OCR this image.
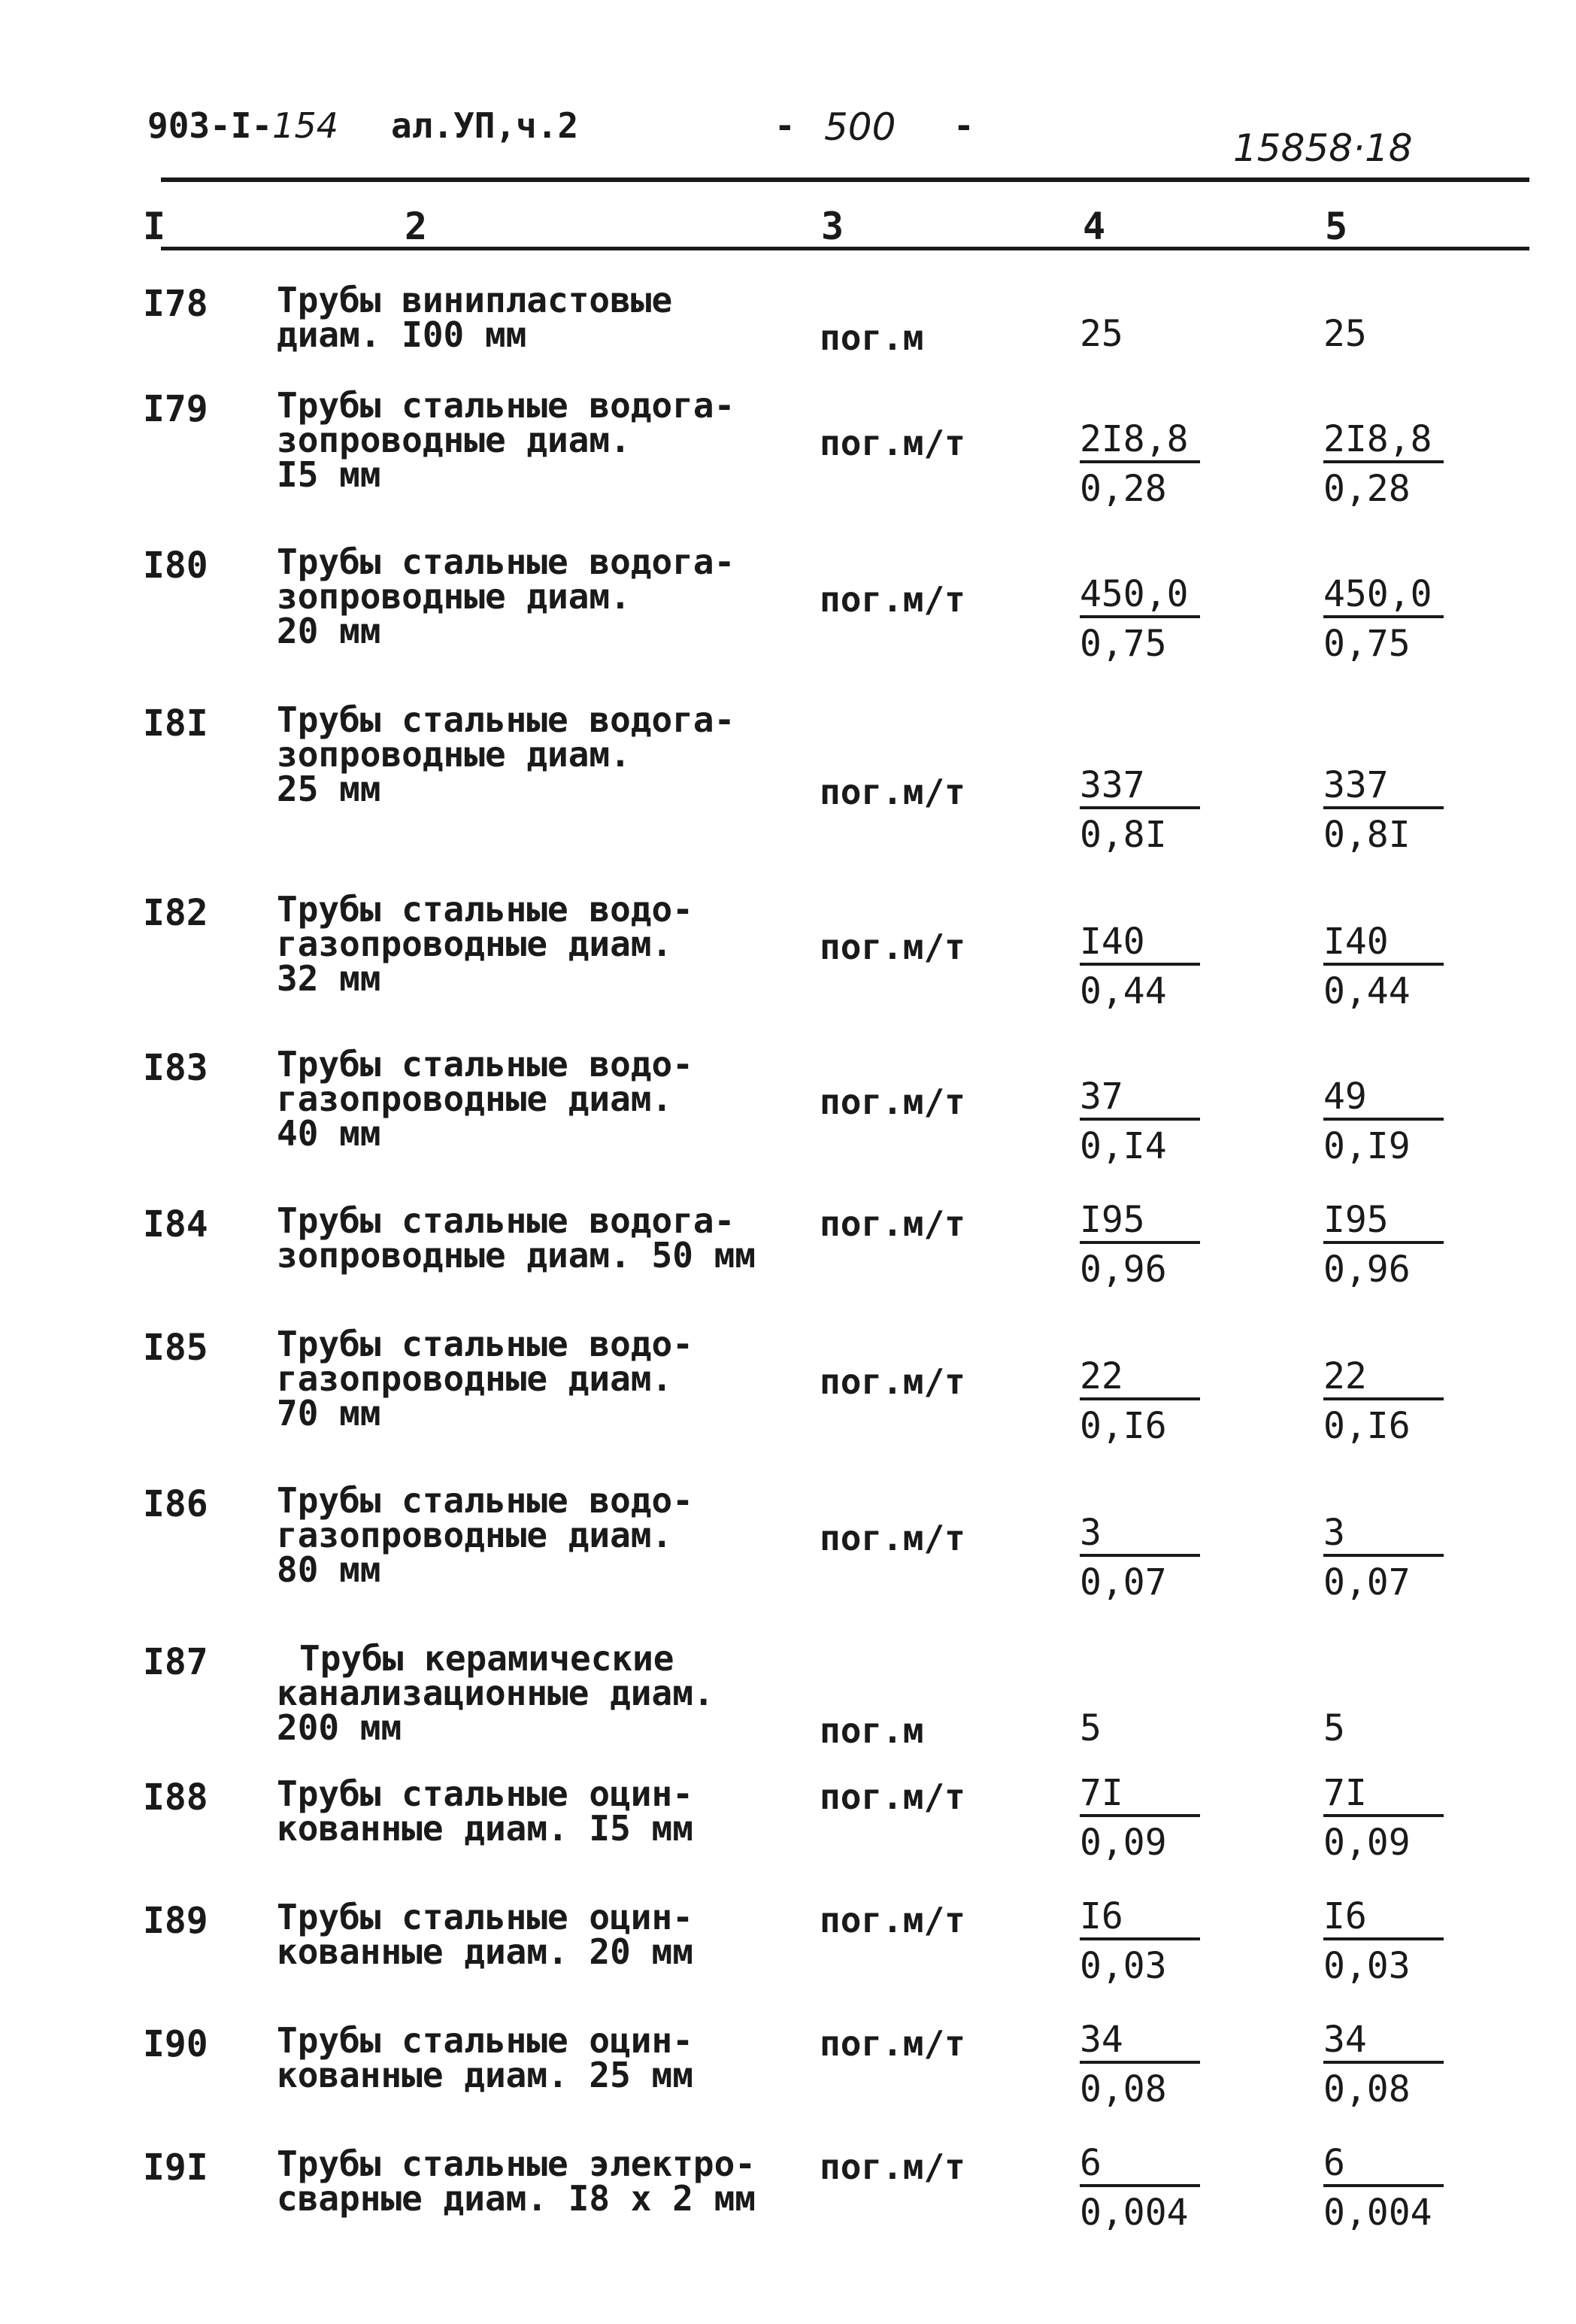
903-I-154 ал.УП,ч.2	- 500 -
15858·18
I	2	3	4	5
I78 Трубы винипластовые
диам. I00 мм	пог.м	25	25
I79 Трубы стальные водога-
зопроводные диам.
I5 мм
пог.м/т	$\frac{2I8,8}{0,28}$	$\frac{2I8,8}{0,28}$
I80 Трубы стальные водога-
зопроводные диам.
20 мм
пог.м/т	$\frac{450,0}{0,75}$	$\frac{450,0}{0,75}$
I8I Трубы стальные водога-
зопроводные диам.
25 мм	пог.м/т	$\frac{337}{0,8I}$	$\frac{337}{0,8I}$
I82 Трубы стальные водо-
газопроводные диам.
32 мм
пог.м/т	$\frac{I40}{0,44}$	$\frac{I40}{0,44}$
I83 Трубы стальные водо-
газопроводные диам.
40 мм
пог.м/т	$\frac{37}{0,I4}$	$\frac{49}{0,I9}$
I84 Трубы стальные водога-
зопроводные диам. 50 мм
пог.м/т	$\frac{I95}{0,96}$	$\frac{I95}{0,96}$
I85 Трубы стальные водо-
газопроводные диам.
70 мм
пог.м/т	$\frac{22}{0,I6}$	$\frac{22}{0,I6}$
I86 Трубы стальные водо-
газопроводные диам.
80 мм
пог.м/т	$\frac{3}{0,07}$	$\frac{3}{0,07}$
I87	Трубы керамические
канализационные диам.
200 мм	пог.м	5	5
I88 Трубы стальные оцин-
кованные диам. I5 мм
пог.м/т	$\frac{7I}{0,09}$	$\frac{7I}{0,09}$
I89 Трубы стальные оцин-
кованные диам. 20 мм
пог.м/т	$\frac{I6}{0,03}$	$\frac{I6}{0,03}$
I90 Трубы стальные оцин-
кованные диам. 25 мм
пог.м/т	$\frac{34}{0,08}$	$\frac{34}{0,08}$
I9I Трубы стальные электро-
сварные диам. I8 х 2 мм
пог.м/т	$\frac{6}{0,004}$	$\frac{6}{0,004}$
